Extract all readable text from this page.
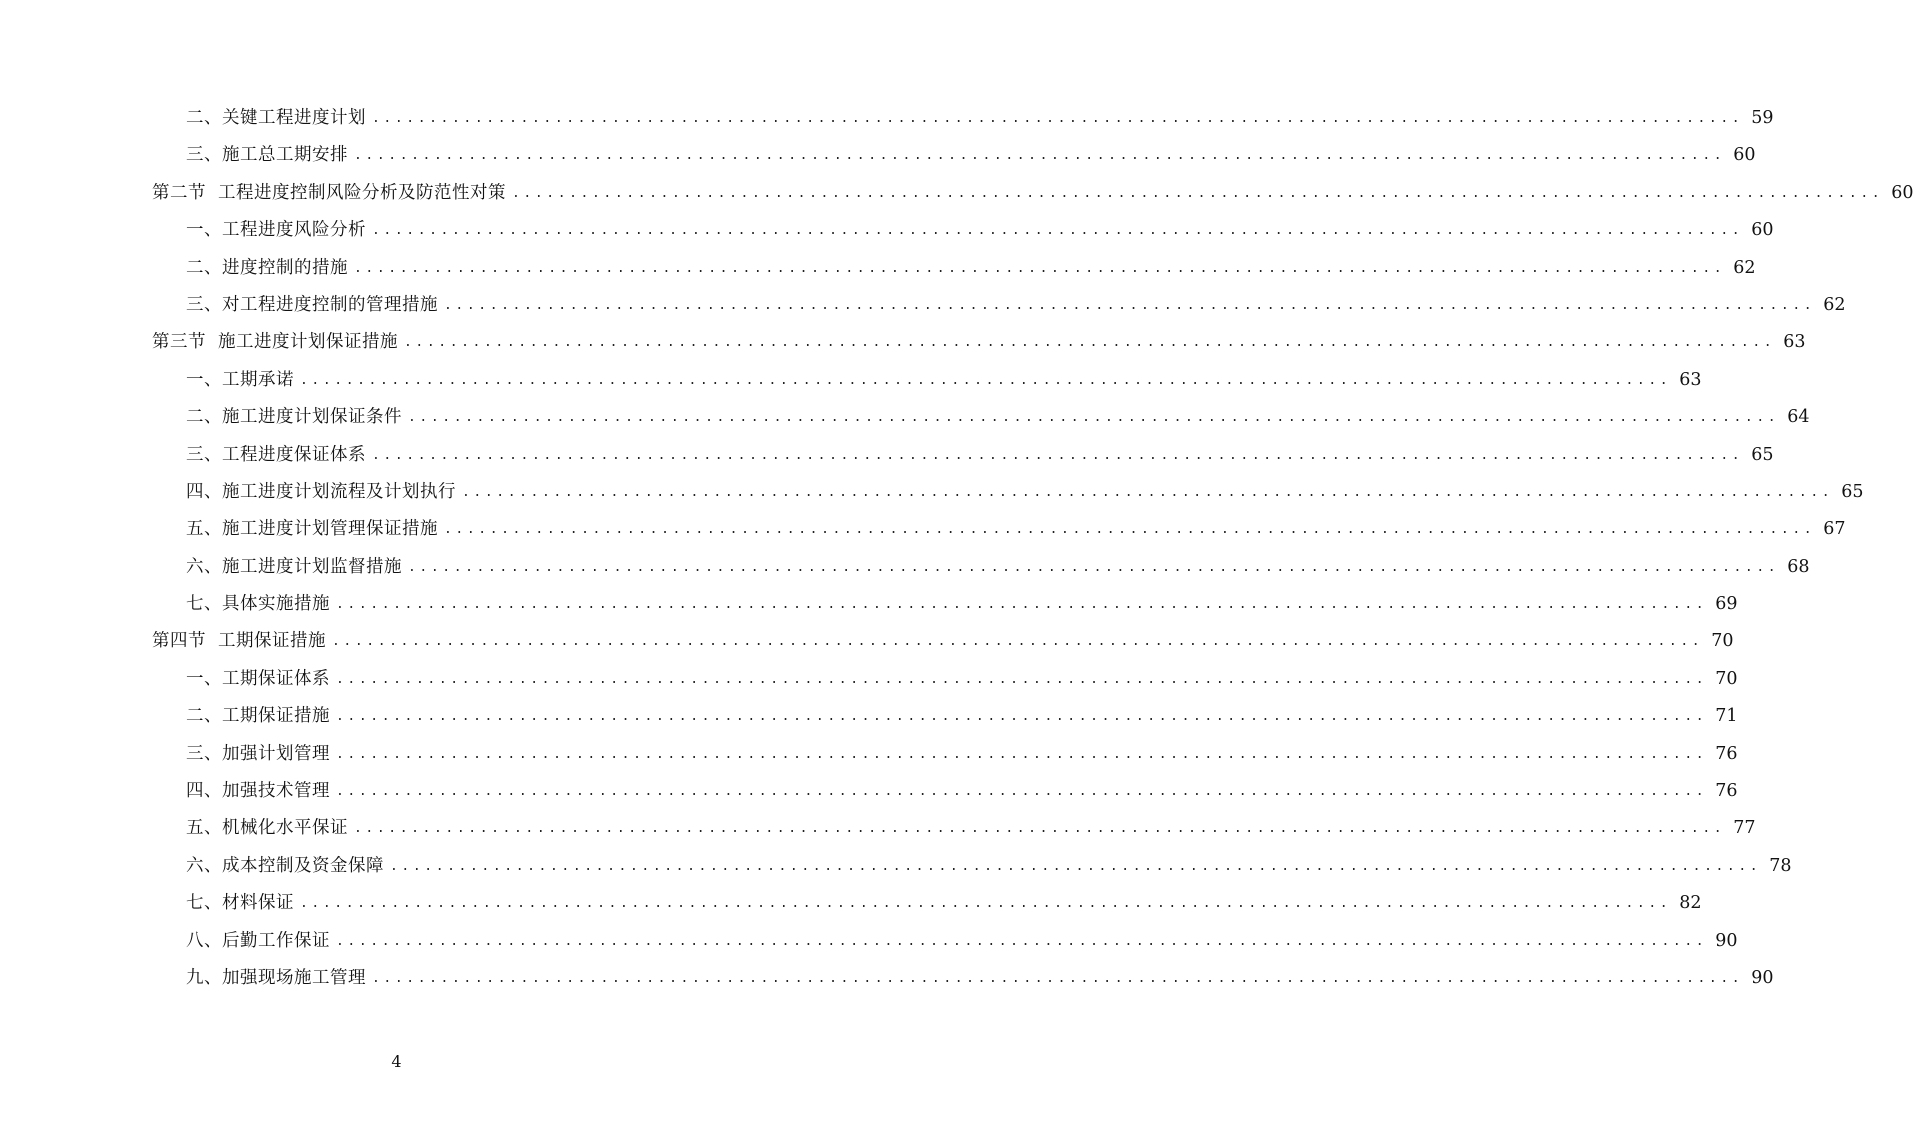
二、关键工程进度计划 ........................................................................................................................ 59
三、施工总工期安排 ........................................................................................................................ 60
第二节 工程进度控制风险分析及防范性对策 ........................................................................................................................ 60
一、工程进度风险分析 ........................................................................................................................ 60
二、进度控制的措施 ........................................................................................................................ 62
三、对工程进度控制的管理措施 ........................................................................................................................ 62
第三节 施工进度计划保证措施 ........................................................................................................................ 63
一、工期承诺 ........................................................................................................................ 63
二、施工进度计划保证条件 ........................................................................................................................ 64
三、工程进度保证体系 ........................................................................................................................ 65
四、施工进度计划流程及计划执行 ........................................................................................................................ 65
五、施工进度计划管理保证措施 ........................................................................................................................ 67
六、施工进度计划监督措施 ........................................................................................................................ 68
七、具体实施措施 ........................................................................................................................ 69
第四节 工期保证措施 ........................................................................................................................ 70
一、工期保证体系 ........................................................................................................................ 70
二、工期保证措施 ........................................................................................................................ 71
三、加强计划管理 ........................................................................................................................ 76
四、加强技术管理 ........................................................................................................................ 76
五、机械化水平保证 ........................................................................................................................ 77
六、成本控制及资金保障 ........................................................................................................................ 78
七、材料保证 ........................................................................................................................ 82
八、后勤工作保证 ........................................................................................................................ 90
九、加强现场施工管理 ........................................................................................................................ 90
4
